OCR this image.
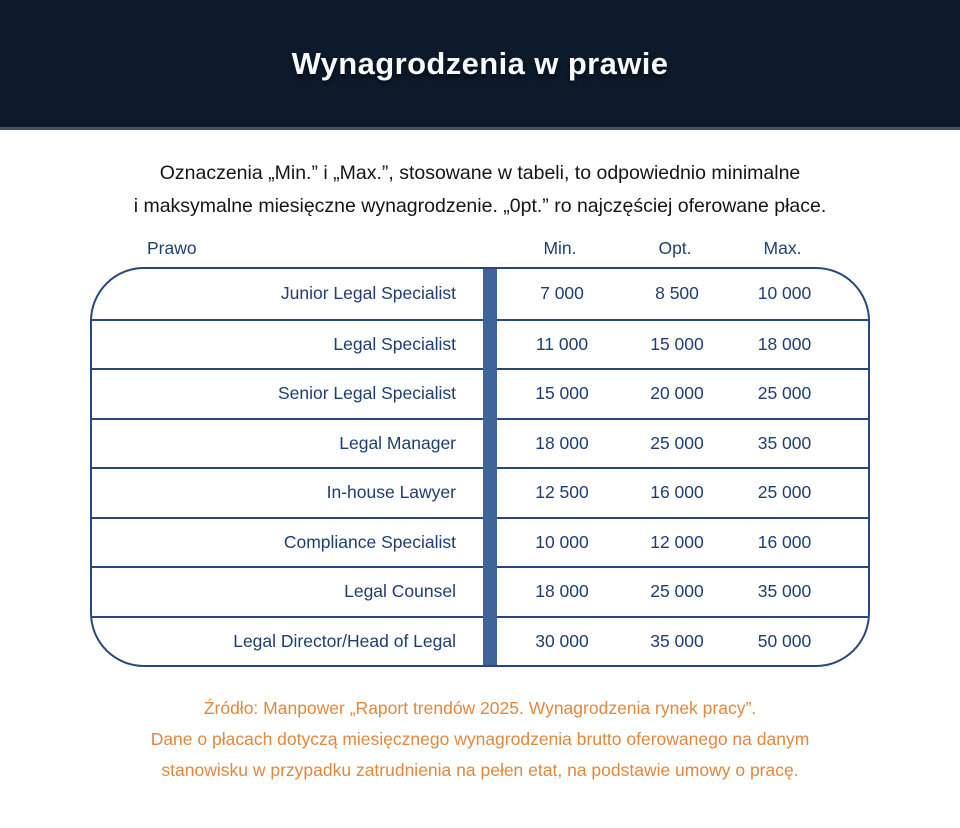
Wynagrodzenia w prawie

Oznaczenia „Min.” i „Max.”, stosowane w tabeli, to odpowiednio minimalne
i maksymalne miesięczne wynagrodzenie. „0pt.” ro najczęściej oferowane płace.

Prawo	Min.	Opt.	Max.
Junior Legal Specialist	7 000	8 500	10 000
Legal Specialist	11 000	15 000	18 000
Senior Legal Specialist	15 000	20 000	25 000
Legal Manager	18 000	25 000	35 000
In-house Lawyer	12 500	16 000	25 000
Compliance Specialist	10 000	12 000	16 000
Legal Counsel	18 000	25 000	35 000
Legal Director/Head of Legal	30 000	35 000	50 000

Źródło: Manpower „Raport trendów 2025. Wynagrodzenia rynek pracy”.
Dane o płacach dotyczą miesięcznego wynagrodzenia brutto oferowanego na danym
stanowisku w przypadku zatrudnienia na pełen etat, na podstawie umowy o pracę.
